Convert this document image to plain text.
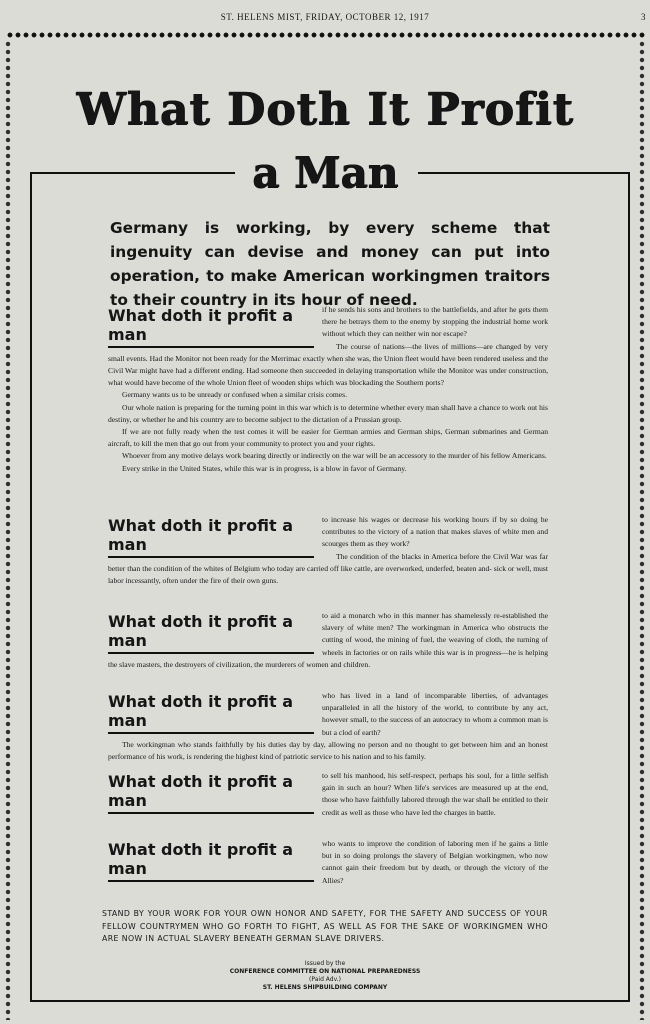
ST. HELENS MIST, FRIDAY, OCTOBER 12, 1917	3
What Doth It Profit
a Man
Germany is working, by every scheme that ingenuity can devise and money can put into operation, to make American workingmen traitors to their country in its hour of need.
What doth it profit a man

if he sends his sons and brothers to the battlefields, and after he gets them there he betrays them to the enemy by stopping the industrial home work without which they can neither win nor escape?

The course of nations—the lives of millions—are changed by very small events. Had the Monitor not been ready for the Merrimac exactly when she was, the Union fleet would have been rendered useless and the Civil War might have had a different ending. Had someone then succeeded in delaying transportation while the Monitor was under construction, what would have become of the whole Union fleet of wooden ships which was blockading the Southern ports?

Germany wants us to be unready or confused when a similar crisis comes.

Our whole nation is preparing for the turning point in this war which is to determine whether every man shall have a chance to work out his destiny, or whether he and his country are to become subject to the dictation of a Prussian group.

If we are not fully ready when the test comes it will be easier for German armies and German ships, German submarines and German aircraft, to kill the men that go out from your community to protect you and your rights.

Whoever from any motive delays work bearing directly or indirectly on the war will be an accessory to the murder of his fellow Americans.

Every strike in the United States, while this war is in progress, is a blow in favor of Germany.

What doth it profit a man

to increase his wages or decrease his working hours if by so doing he contributes to the victory of a nation that makes slaves of white men and scourges them as they work?

The condition of the blacks in America before the Civil War was far better than the condition of the whites of Belgium who today are carried off like cattle, are overworked, underfed, beaten and- sick or well, must labor incessantly, often under the fire of their own guns.

What doth it profit a man

to aid a monarch who in this manner has shamelessly re-established the slavery of white men? The workingman in America who obstructs the cutting of wood, the mining of fuel, the weaving of cloth, the turning of wheels in factories or on rails while this war is in progress—he is helping the slave masters, the destroyers of civilization, the murderers of women and children.

What doth it profit a man

who has lived in a land of incomparable liberties, of advantages unparalleled in all the history of the world, to contribute by any act, however small, to the success of an autocracy to whom a common man is but a clod of earth?

The workingman who stands faithfully by his duties day by day, allowing no person and no thought to get between him and an honest performance of his work, is rendering the highest kind of patriotic service to his nation and to his family.

What doth it profit a man

to sell his manhood, his self-respect, perhaps his soul, for a little selfish gain in such an hour? When life's services are measured up at the end, those who have faithfully labored through the war shall be entitled to their credit as well as those who have led the charges in battle.

What doth it profit a man

who wants to improve the condition of laboring men if he gains a little but in so doing prolongs the slavery of Belgian workingmen, who now cannot gain their freedom but by death, or through the victory of the Allies?

STAND BY YOUR WORK FOR YOUR OWN HONOR AND SAFETY, FOR THE SAFETY AND SUCCESS OF YOUR FELLOW COUNTRYMEN WHO GO FORTH TO FIGHT, AS WELL AS FOR THE SAKE OF WORKINGMEN WHO ARE NOW IN ACTUAL SLAVERY BENEATH GERMAN SLAVE DRIVERS.
Issued by the
CONFERENCE COMMITTEE ON NATIONAL PREPAREDNESS
(Paid Adv.)
ST. HELENS SHIPBUILDING COMPANY
